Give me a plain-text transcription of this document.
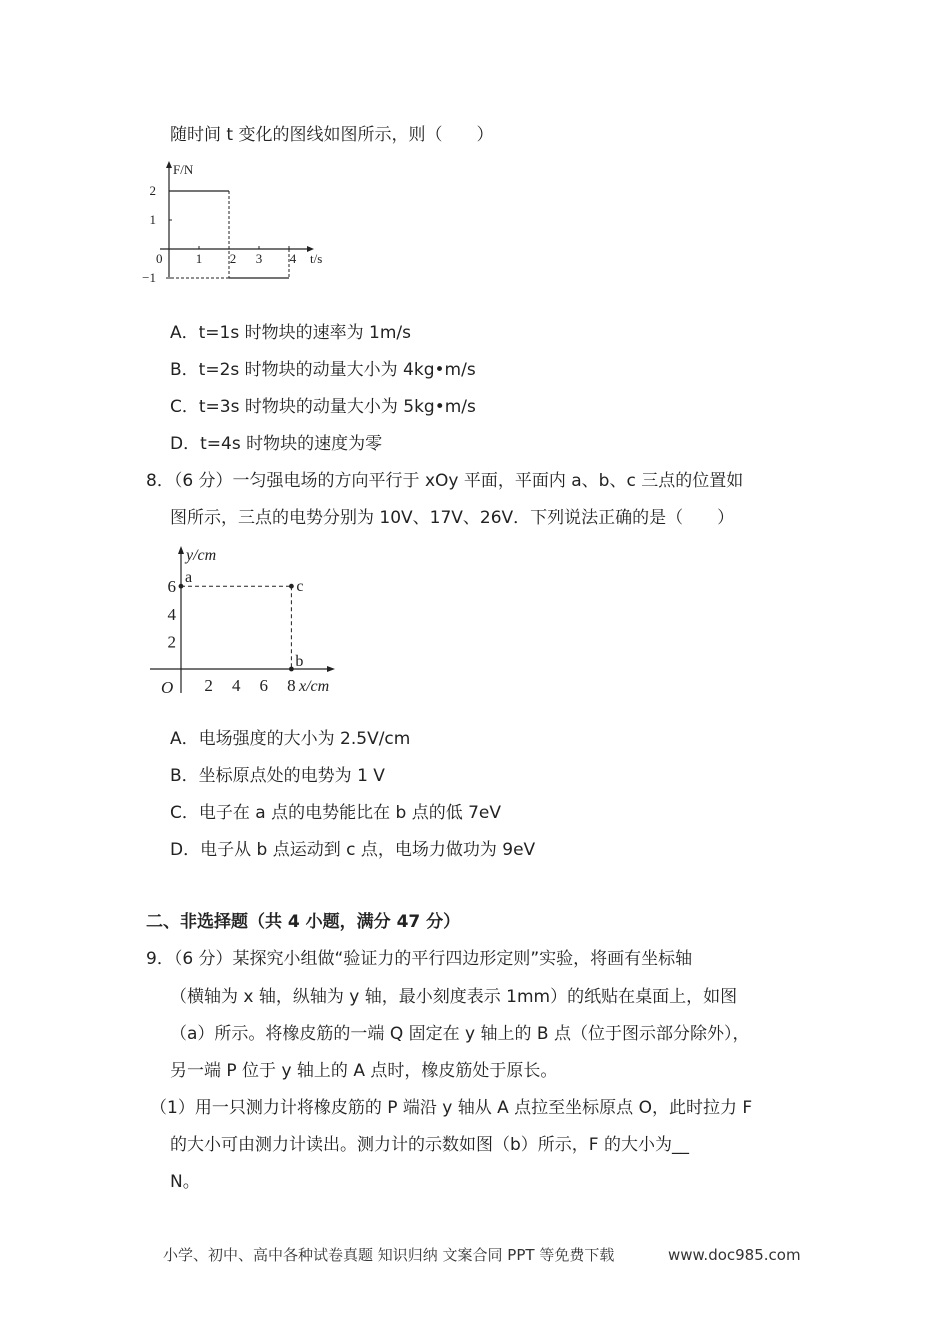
随时间 t 变化的图线如图所示，则（　　）
F/N
t/s
0
2
1
−1
1 2 3 4
A．t=1s 时物块的速率为 1m/s
B．t=2s 时物块的动量大小为 4kg•m/s
C．t=3s 时物块的动量大小为 5kg•m/s
D．t=4s 时物块的速度为零
8．（6 分）一匀强电场的方向平行于 xOy 平面，平面内 a、b、c 三点的位置如
图所示，三点的电势分别为 10V、17V、26V．下列说法正确的是（　　）
y/cm
x/cm
O
6
4
2
2 4 6 8
a
b
c
A．电场强度的大小为 2.5V/cm
B．坐标原点处的电势为 1 V
C．电子在 a 点的电势能比在 b 点的低 7eV
D．电子从 b 点运动到 c 点，电场力做功为 9eV
二、非选择题（共 4 小题，满分 47 分）
9．（6 分）某探究小组做“验证力的平行四边形定则”实验，将画有坐标轴
（横轴为 x 轴，纵轴为 y 轴，最小刻度表示 1mm）的纸贴在桌面上，如图
（a）所示。将橡皮筋的一端 Q 固定在 y 轴上的 B 点（位于图示部分除外），
另一端 P 位于 y 轴上的 A 点时，橡皮筋处于原长。
（1）用一只测力计将橡皮筋的 P 端沿 y 轴从 A 点拉至坐标原点 O，此时拉力 F
的大小可由测力计读出。测力计的示数如图（b）所示，F 的大小为__
N。
小学、初中、高中各种试卷真题 知识归纳 文案合同 PPT 等免费下载	www.doc985.com
